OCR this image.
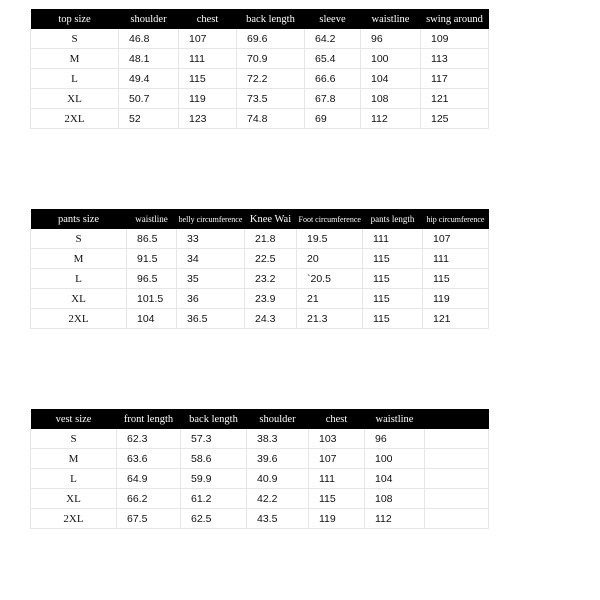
top size	shoulder	chest	back length	sleeve	waistline	swing around
S	46.8	107	69.6	64.2	96	109
M	48.1	111	70.9	65.4	100	113
L	49.4	115	72.2	66.6	104	117
XL	50.7	119	73.5	67.8	108	121
2XL	52	123	74.8	69	112	125
pants size	waistline	belly circumference	Knee Wai	Foot circumference	pants length	hip circumference
S	86.5	33	21.8	19.5	111	107
M	91.5	34	22.5	20	115	111
L	96.5	35	23.2	`20.5	115	115
XL	101.5	36	23.9	21	115	119
2XL	104	36.5	24.3	21.3	115	121
vest size	front length	back length	shoulder	chest	waistline	
S	62.3	57.3	38.3	103	96	
M	63.6	58.6	39.6	107	100	
L	64.9	59.9	40.9	111	104	
XL	66.2	61.2	42.2	115	108	
2XL	67.5	62.5	43.5	119	112	
